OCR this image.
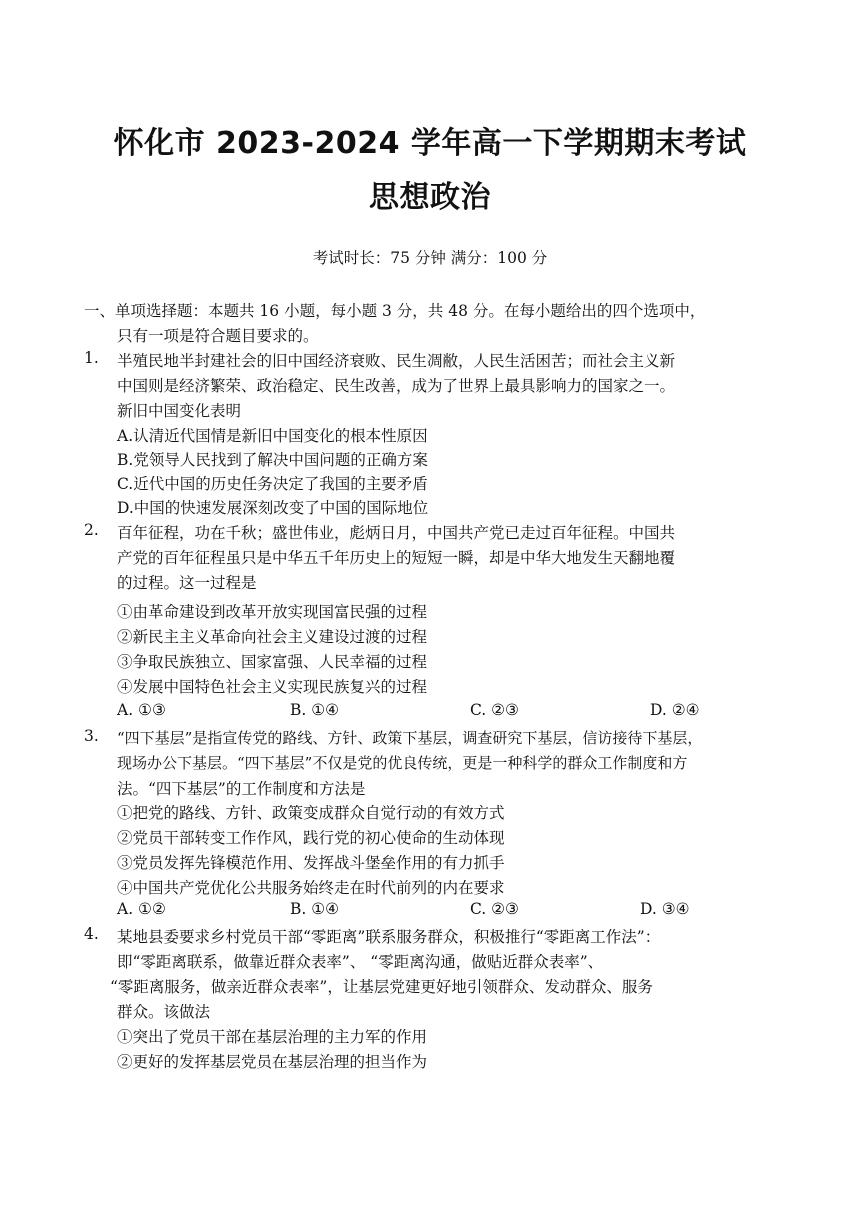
怀化市 2023-2024 学年高一下学期期末考试
思想政治
考试时长：75 分钟 满分：100 分
一、单项选择题：本题共 16 小题，每小题 3 分，共 48 分。在每小题给出的四个选项中，
只有一项是符合题目要求的。
1. 半殖民地半封建社会的旧中国经济衰败、民生凋敝，人民生活困苦；而社会主义新
中国则是经济繁荣、政治稳定、民生改善，成为了世界上最具影响力的国家之一。
新旧中国变化表明
A.认清近代国情是新旧中国变化的根本性原因
B.党领导人民找到了解决中国问题的正确方案
C.近代中国的历史任务决定了我国的主要矛盾
D.中国的快速发展深刻改变了中国的国际地位
2. 百年征程，功在千秋；盛世伟业，彪炳日月，中国共产党已走过百年征程。中国共
产党的百年征程虽只是中华五千年历史上的短短一瞬，却是中华大地发生天翻地覆
的过程。这一过程是
①由革命建设到改革开放实现国富民强的过程
②新民主主义革命向社会主义建设过渡的过程
③争取民族独立、国家富强、人民幸福的过程
④发展中国特色社会主义实现民族复兴的过程
A. ①③	B. ①④	C. ②③	D. ②④
3. “四下基层”是指宣传党的路线、方针、政策下基层，调查研究下基层，信访接待下基层，
现场办公下基层。“四下基层”不仅是党的优良传统，更是一种科学的群众工作制度和方
法。“四下基层”的工作制度和方法是
①把党的路线、方针、政策变成群众自觉行动的有效方式
②党员干部转变工作作风，践行党的初心使命的生动体现
③党员发挥先锋模范作用、发挥战斗堡垒作用的有力抓手
④中国共产党优化公共服务始终走在时代前列的内在要求
A. ①②	B. ①④	C. ②③	D. ③④
4. 某地县委要求乡村党员干部“零距离”联系服务群众，积极推行“零距离工作法”：
即“零距离联系，做靠近群众表率”、 “零距离沟通，做贴近群众表率”、
“零距离服务，做亲近群众表率”，让基层党建更好地引领群众、发动群众、服务
群众。该做法
①突出了党员干部在基层治理的主力军的作用
②更好的发挥基层党员在基层治理的担当作为
